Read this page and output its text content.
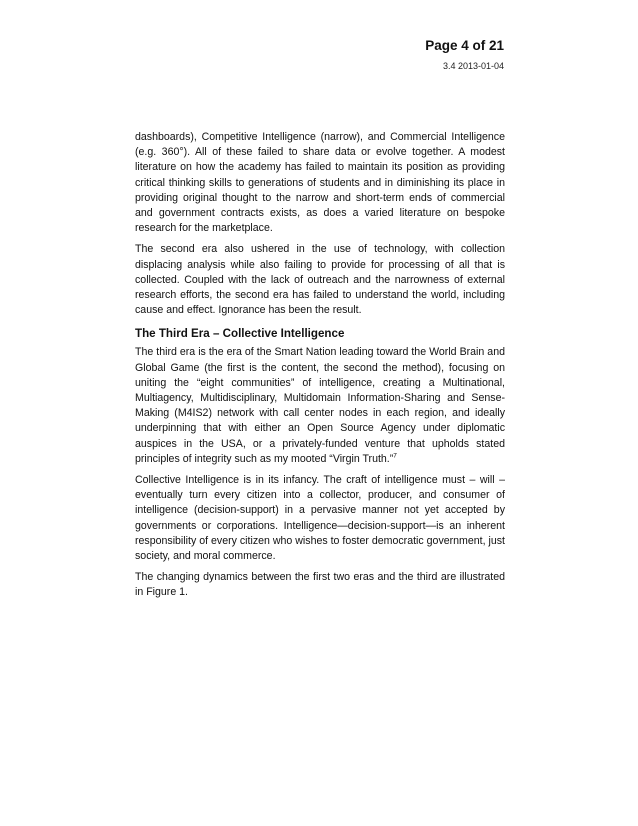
Page 4 of 21
3.4 2013-01-04

dashboards), Competitive Intelligence (narrow), and Commercial Intelligence (e.g. 360°). All of these failed to share data or evolve together. A modest literature on how the academy has failed to maintain its position as providing critical thinking skills to generations of students and in diminishing its place in providing original thought to the narrow and short-term ends of commercial and government contracts exists, as does a varied literature on bespoke research for the marketplace.

The second era also ushered in the use of technology, with collection displacing analysis while also failing to provide for processing of all that is collected. Coupled with the lack of outreach and the narrowness of external research efforts, the second era has failed to understand the world, including cause and effect. Ignorance has been the result.

The Third Era – Collective Intelligence

The third era is the era of the Smart Nation leading toward the World Brain and Global Game (the first is the content, the second the method), focusing on uniting the “eight communities” of intelligence, creating a Multinational, Multiagency, Multidisciplinary, Multidomain Information-Sharing and Sense-Making (M4IS2) network with call center nodes in each region, and ideally underpinning that with either an Open Source Agency under diplomatic auspices in the USA, or a privately-funded venture that upholds stated principles of integrity such as my mooted “Virgin Truth.”$^7$

Collective Intelligence is in its infancy. The craft of intelligence must – will – eventually turn every citizen into a collector, producer, and consumer of intelligence (decision-support) in a pervasive manner not yet accepted by governments or corporations. Intelligence—decision-support—is an inherent responsibility of every citizen who wishes to foster democratic government, just society, and moral commerce.

The changing dynamics between the first two eras and the third are illustrated in Figure 1.
